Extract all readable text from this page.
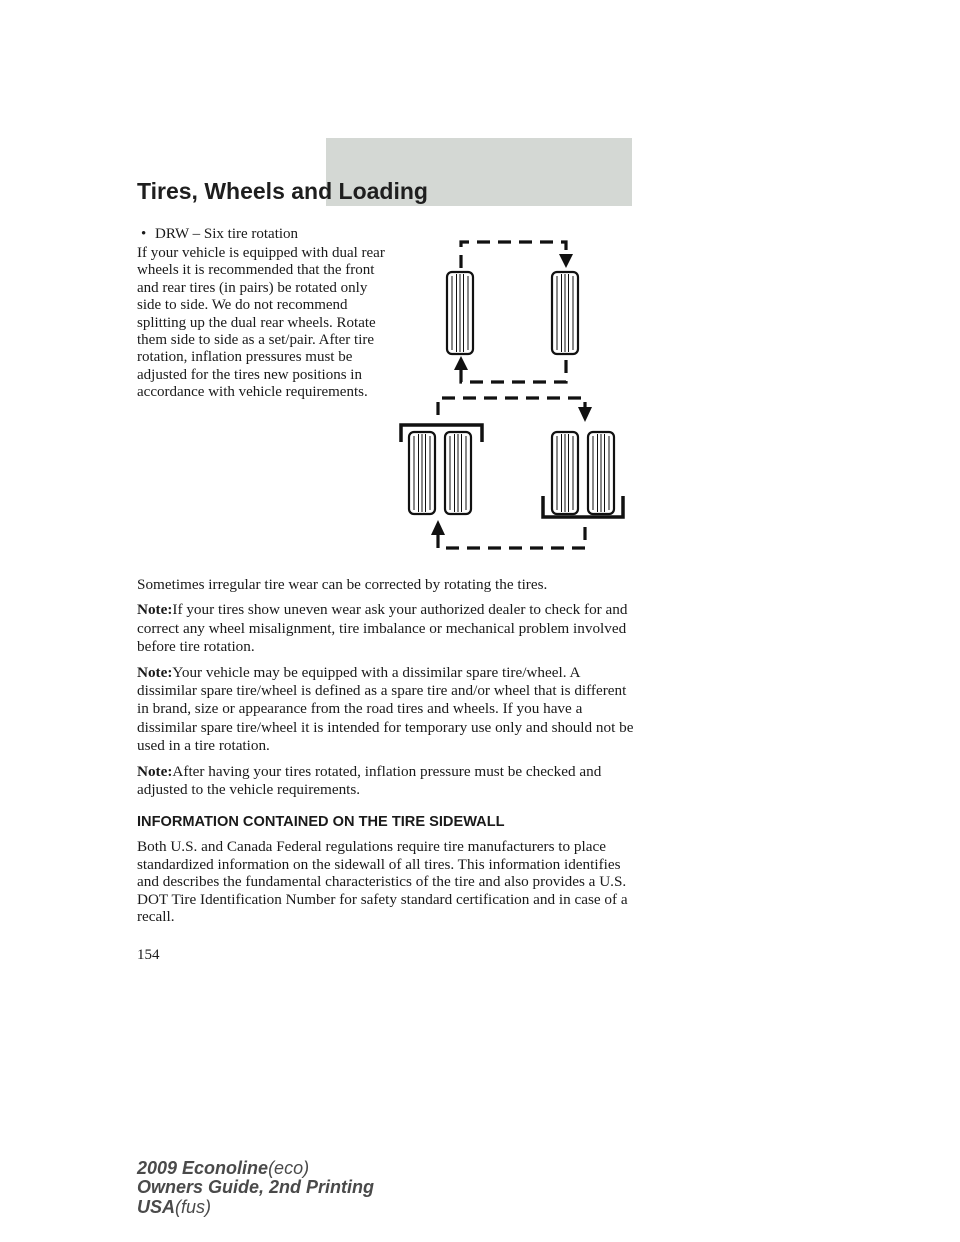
Tires, Wheels and Loading
• DRW – Six tire rotation

If your vehicle is equipped with dual rear wheels it is recommended that the front and rear tires (in pairs) be rotated only side to side. We do not recommend splitting up the dual rear wheels. Rotate them side to side as a set/pair. After tire rotation, inflation pressures must be adjusted for the tires new positions in accordance with vehicle requirements.

Sometimes irregular tire wear can be corrected by rotating the tires.

Note:If your tires show uneven wear ask your authorized dealer to check for and correct any wheel misalignment, tire imbalance or mechanical problem involved before tire rotation.

Note:Your vehicle may be equipped with a dissimilar spare tire/wheel. A dissimilar spare tire/wheel is defined as a spare tire and/or wheel that is different in brand, size or appearance from the road tires and wheels. If you have a dissimilar spare tire/wheel it is intended for temporary use only and should not be used in a tire rotation.

Note:After having your tires rotated, inflation pressure must be checked and adjusted to the vehicle requirements.

INFORMATION CONTAINED ON THE TIRE SIDEWALL

Both U.S. and Canada Federal regulations require tire manufacturers to place standardized information on the sidewall of all tires. This information identifies and describes the fundamental characteristics of the tire and also provides a U.S. DOT Tire Identification Number for safety standard certification and in case of a recall.

154
2009 Econoline(eco)
Owners Guide, 2nd Printing
USA(fus)
